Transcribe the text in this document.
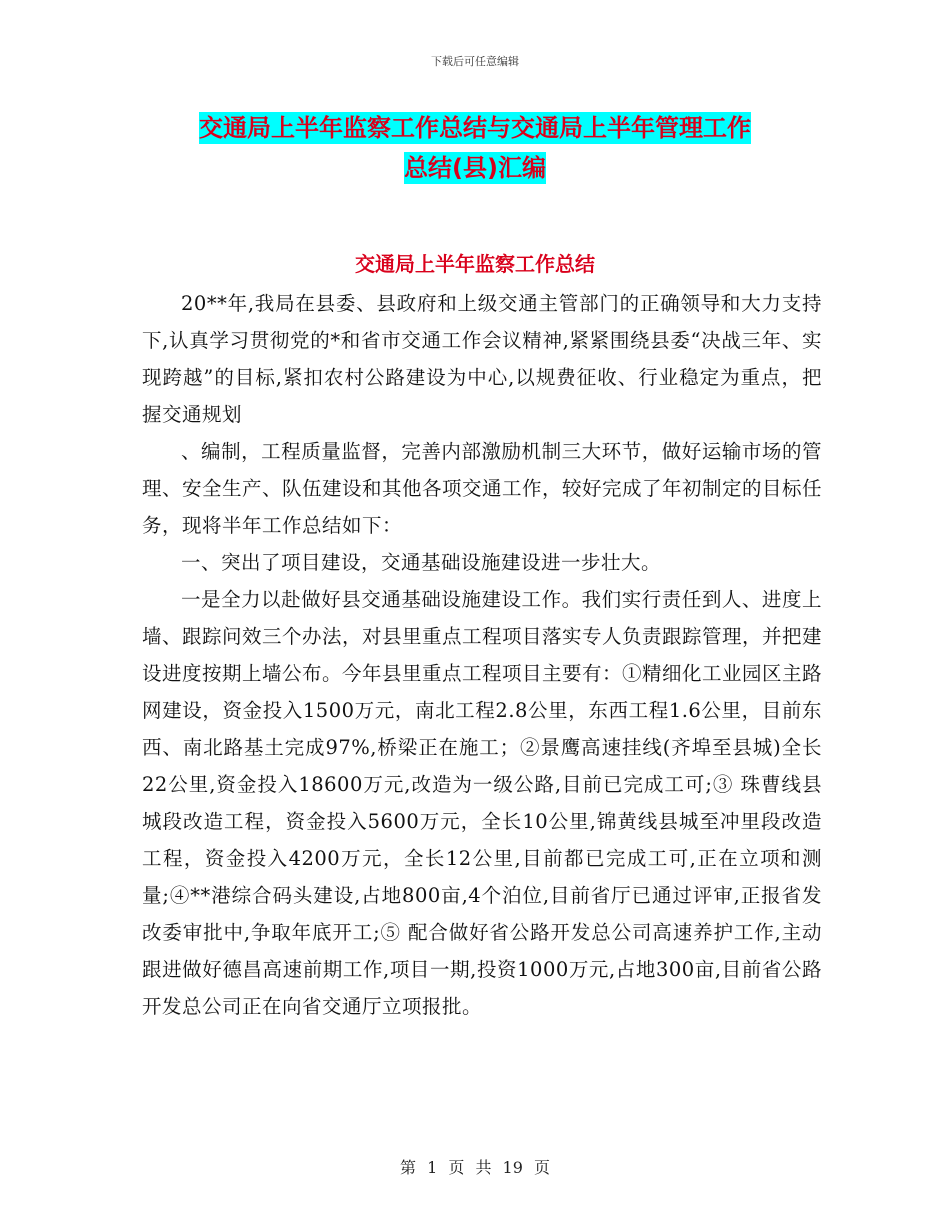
下载后可任意编辑
交通局上半年监察工作总结与交通局上半年管理工作
总结(县)汇编
交通局上半年监察工作总结

20**年,我局在县委、县政府和上级交通主管部门的正确领导和大力支持下,认真学习贯彻党的*和省市交通工作会议精神,紧紧围绕县委“决战三年、实现跨越”的目标,紧扣农村公路建设为中心,以规费征收、行业稳定为重点，把握交通规划

、编制，工程质量监督，完善内部激励机制三大环节，做好运输市场的管理、安全生产、队伍建设和其他各项交通工作，较好完成了年初制定的目标任务，现将半年工作总结如下：

一、突出了项目建设，交通基础设施建设进一步壮大。

一是全力以赴做好县交通基础设施建设工作。我们实行责任到人、进度上墙、跟踪问效三个办法，对县里重点工程项目落实专人负责跟踪管理，并把建设进度按期上墙公布。今年县里重点工程项目主要有：①精细化工业园区主路网建设，资金投入1500万元，南北工程2.8公里，东西工程1.6公里，目前东西、南北路基土完成97%,桥梁正在施工；②景鹰高速挂线(齐埠至县城)全长22公里,资金投入18600万元,改造为一级公路,目前已完成工可;③ 珠曹线县城段改造工程，资金投入5600万元，全长10公里,锦黄线县城至冲里段改造工程，资金投入4200万元，全长12公里,目前都已完成工可,正在立项和测量;④**港综合码头建设,占地800亩,4个泊位,目前省厅已通过评审,正报省发改委审批中,争取年底开工;⑤ 配合做好省公路开发总公司高速养护工作,主动跟进做好德昌高速前期工作,项目一期,投资1000万元,占地300亩,目前省公路开发总公司正在向省交通厅立项报批。

第 1 页 共 19 页
